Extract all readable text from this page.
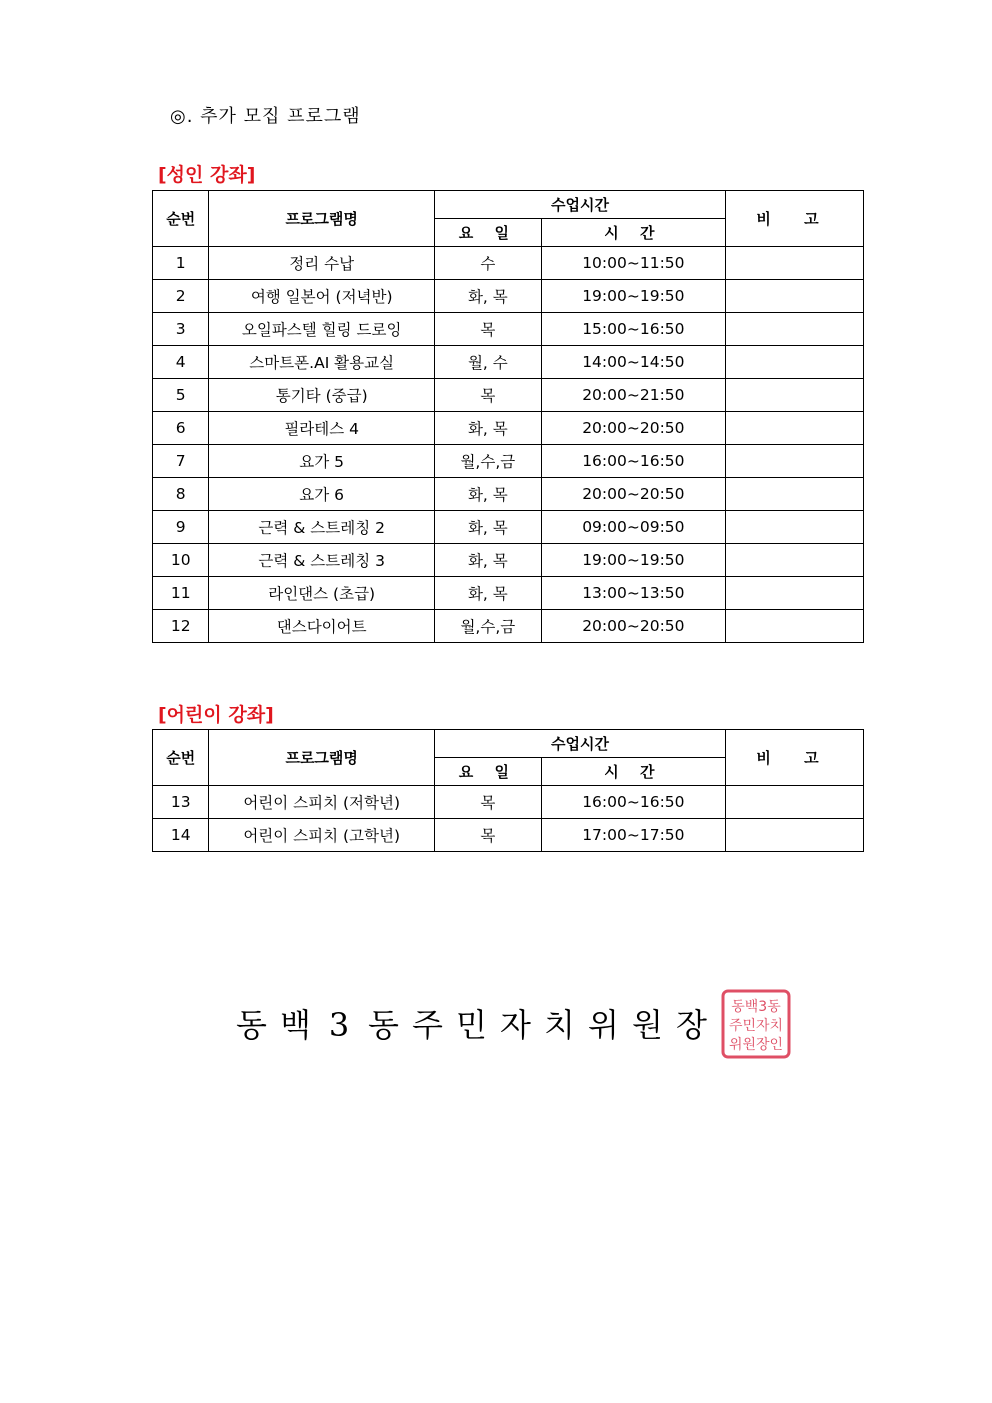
◎. 추가 모집 프로그램
[성인 강좌]
순번	프로그램명	수업시간		비 고
		요 일	시 간	
1	정리 수납	수	10:00~11:50	
2	여행 일본어 (저녁반)	화, 목	19:00~19:50	
3	오일파스텔 힐링 드로잉	목	15:00~16:50	
4	스마트폰.AI 활용교실	월, 수	14:00~14:50	
5	통기타 (중급)	목	20:00~21:50	
6	필라테스 4	화, 목	20:00~20:50	
7	요가 5	월,수,금	16:00~16:50	
8	요가 6	화, 목	20:00~20:50	
9	근력 & 스트레칭 2	화, 목	09:00~09:50	
10	근력 & 스트레칭 3	화, 목	19:00~19:50	
11	라인댄스 (초급)	화, 목	13:00~13:50	
12	댄스다이어트	월,수,금	20:00~20:50	
[어린이 강좌]
순번	프로그램명	수업시간		비 고
		요 일	시 간	
13	어린이 스피치 (저학년)	목	16:00~16:50	
14	어린이 스피치 (고학년)	목	17:00~17:50	
동백 3 동주민자치위원장 동백3동
주민자치
위원장인
